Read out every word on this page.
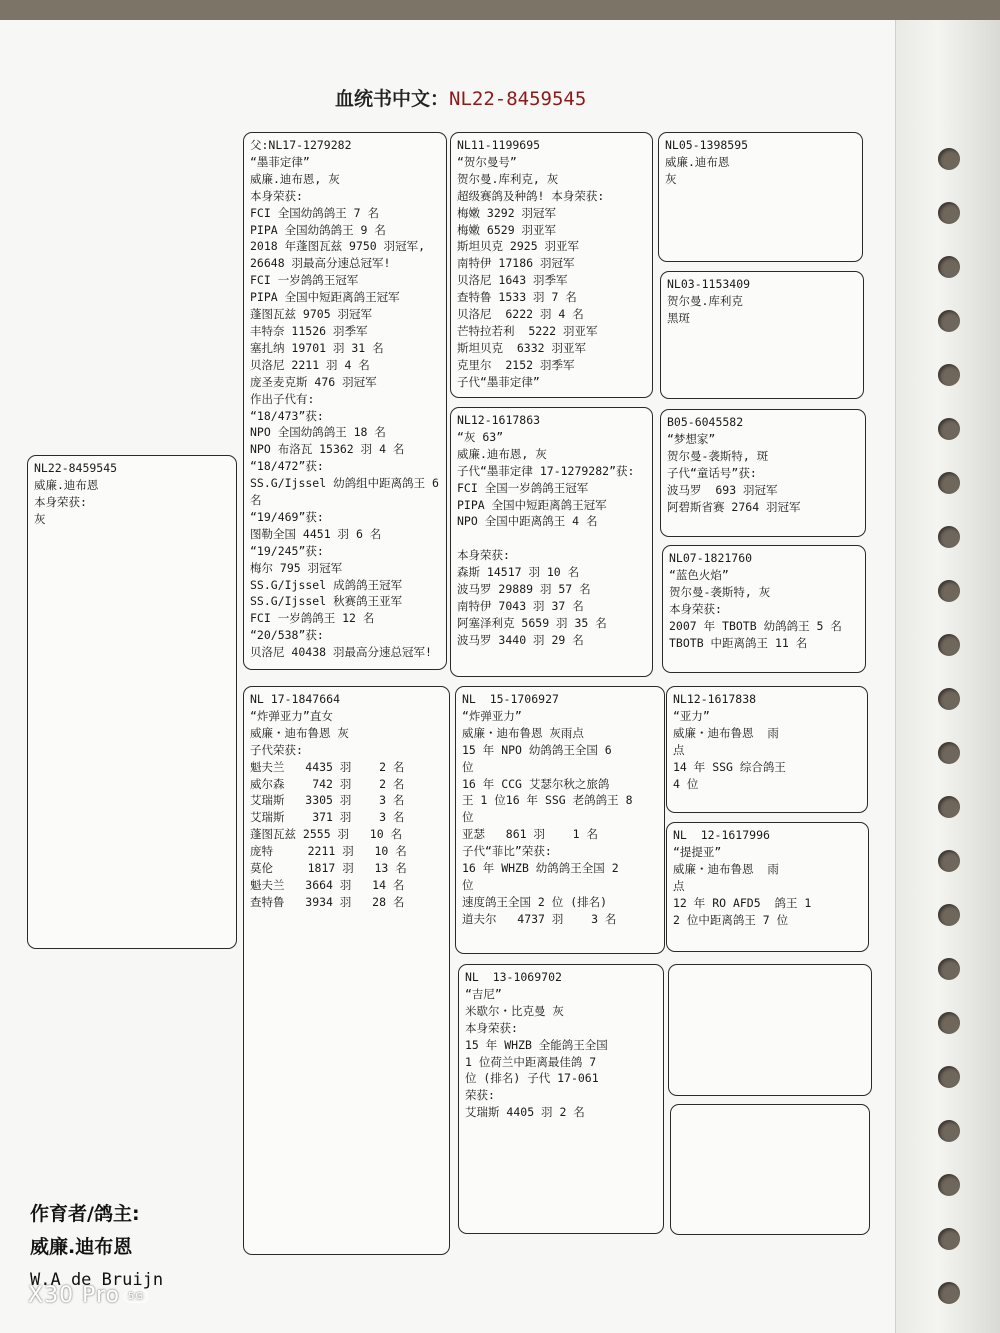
血统书中文：NL22-8459545
NL22-8459545
威廉.迪布恩
本身荣获:
灰
父:NL17-1279282
“墨菲定律”
威廉.迪布恩, 灰
本身荣获:
FCI 全国幼鸽鸽王 7 名
PIPA 全国幼鸽鸽王 9 名
2018 年蓬图瓦兹 9750 羽冠军,
26648 羽最高分速总冠军!
FCI 一岁鸽鸽王冠军
PIPA 全国中短距离鸽王冠军
蓬图瓦兹 9705 羽冠军
丰特奈 11526 羽季军
塞扎纳 19701 羽 31 名
贝洛尼 2211 羽 4 名
庞圣麦克斯 476 羽冠军
作出子代有:
“18/473”获:
NPO 全国幼鸽鸽王 18 名
NPO 布洛瓦 15362 羽 4 名
“18/472”获:
SS.G/Ijssel 幼鸽组中距离鸽王 6
名
“19/469”获:
图勒全国 4451 羽 6 名
“19/245”获:
梅尔 795 羽冠军
SS.G/Ijssel 成鸽鸽王冠军
SS.G/Ijssel 秋赛鸽王亚军
FCI 一岁鸽鸽王 12 名
“20/538”获:
贝洛尼 40438 羽最高分速总冠军!
NL 17-1847664
“炸弹亚力”直女
威廉・迪布鲁恩 灰
子代荣获:
魁夫兰   4435 羽    2 名
威尔森    742 羽    2 名
艾瑞斯   3305 羽    3 名
艾瑞斯    371 羽    3 名
蓬图瓦兹 2555 羽   10 名
庞特     2211 羽   10 名
莫伦     1817 羽   13 名
魁夫兰   3664 羽   14 名
查特鲁   3934 羽   28 名
NL11-1199695
“贺尔曼号”
贺尔曼.库利克, 灰
超级赛鸽及种鸽! 本身荣获:
梅嫩 3292 羽冠军
梅嫩 6529 羽亚军
斯坦贝克 2925 羽亚军
南特伊 17186 羽冠军
贝洛尼 1643 羽季军
查特鲁 1533 羽 7 名
贝洛尼  6222 羽 4 名
芒特拉若利  5222 羽亚军
斯坦贝克  6332 羽亚军
克里尔  2152 羽季军
子代“墨菲定律”
NL12-1617863
“灰 63”
威廉.迪布恩, 灰
子代“墨菲定律 17-1279282”获:
FCI 全国一岁鸽鸽王冠军
PIPA 全国中短距离鸽王冠军
NPO 全国中距离鸽王 4 名

本身荣获:
森斯 14517 羽 10 名
波马罗 29889 羽 57 名
南特伊 7043 羽 37 名
阿塞泽利克 5659 羽 35 名
波马罗 3440 羽 29 名
NL  15-1706927
“炸弹亚力”
威廉・迪布鲁恩 灰雨点
15 年 NPO 幼鸽鸽王全国 6
位
16 年 CCG 艾瑟尔秋之旅鸽
王 1 位16 年 SSG 老鸽鸽王 8
位
亚瑟   861 羽    1 名
子代“菲比”荣获:
16 年 WHZB 幼鸽鸽王全国 2
位
速度鸽王全国 2 位 (排名)
道夫尔   4737 羽    3 名
NL  13-1069702
“吉尼”
米歇尔・比克曼 灰
本身荣获:
15 年 WHZB 全能鸽王全国
1 位荷兰中距离最佳鸽 7
位 (排名) 子代 17-061
荣获:
艾瑞斯 4405 羽 2 名
NL05-1398595
威廉.迪布恩
灰
NL03-1153409
贺尔曼.库利克
黑斑
B05-6045582
“梦想家”
贺尔曼-袭斯特, 斑
子代“童话号”获:
波马罗  693 羽冠军
阿碧斯省赛 2764 羽冠军
NL07-1821760
“蓝色火焰”
贺尔曼-袭斯特, 灰
本身荣获:
2007 年 TBOTB 幼鸽鸽王 5 名
TBOTB 中距离鸽王 11 名
NL12-1617838
“亚力”
威廉・迪布鲁恩  雨
点
14 年 SSG 综合鸽王
4 位
NL  12-1617996
“提提亚”
威廉・迪布鲁恩  雨
点
12 年 RO AFD5  鸽王 1
2 位中距离鸽王 7 位
作育者/鸽主:
威廉.迪布恩
W.A de Bruijn
X30 Pro 5G
